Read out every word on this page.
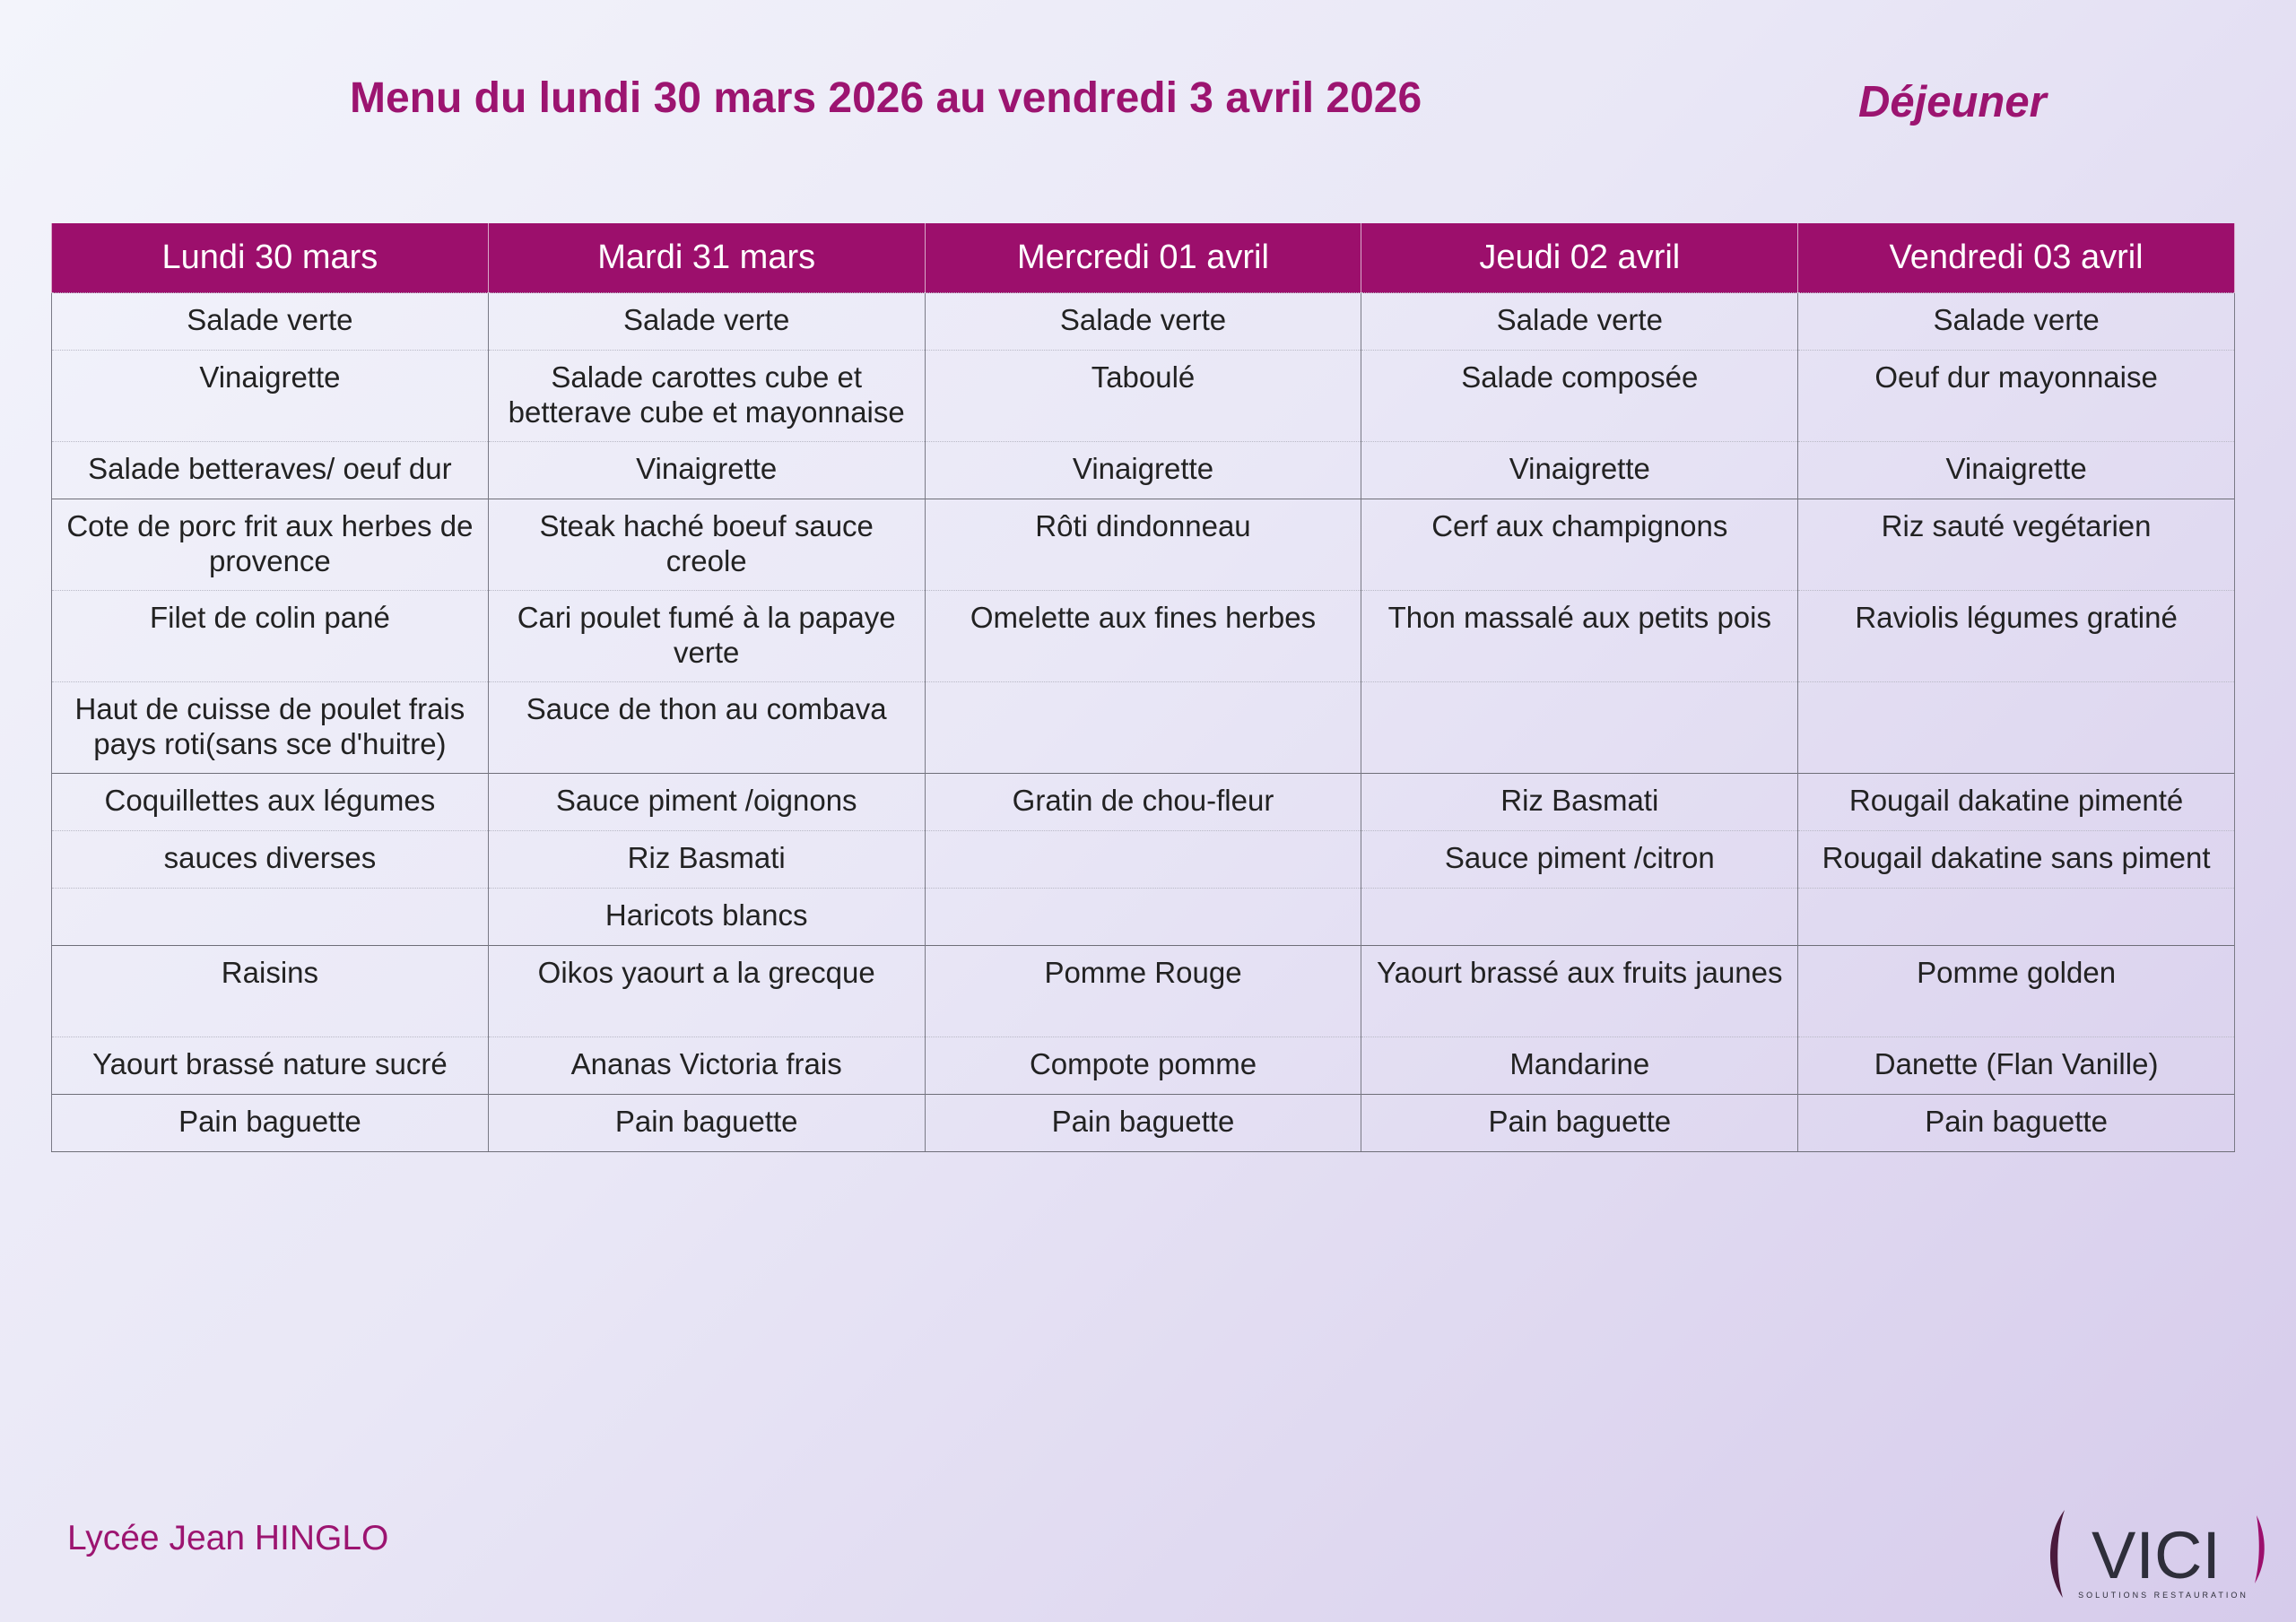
Menu du lundi 30 mars 2026 au vendredi 3 avril 2026	Déjeuner
Lundi 30 mars	Mardi 31 mars	Mercredi 01 avril	Jeudi 02 avril	Vendredi 03 avril
Salade verte	Salade verte	Salade verte	Salade verte	Salade verte
Vinaigrette	Salade carottes cube et betterave cube et mayonnaise	Taboulé	Salade composée	Oeuf dur mayonnaise
Salade betteraves/ oeuf dur	Vinaigrette	Vinaigrette	Vinaigrette	Vinaigrette
Cote de porc frit aux herbes de provence	Steak haché boeuf sauce creole	Rôti dindonneau	Cerf aux champignons	Riz sauté vegétarien
Filet de colin pané	Cari poulet fumé à la papaye verte	Omelette aux fines herbes	Thon massalé aux petits pois	Raviolis légumes gratiné
Haut de cuisse de poulet frais pays roti(sans sce d'huitre)	Sauce de thon au combava			
Coquillettes aux légumes	Sauce piment /oignons	Gratin de chou-fleur	Riz Basmati	Rougail dakatine pimenté
sauces diverses	Riz Basmati		Sauce piment /citron	Rougail dakatine sans piment
	Haricots blancs			
Raisins	Oikos yaourt a la grecque	Pomme Rouge	Yaourt brassé aux fruits jaunes	Pomme golden
Yaourt brassé nature sucré	Ananas Victoria frais	Compote pomme	Mandarine	Danette (Flan Vanille)
Pain baguette	Pain baguette	Pain baguette	Pain baguette	Pain baguette
Lycée Jean HINGLO	VICI
SOLUTIONS RESTAURATION
